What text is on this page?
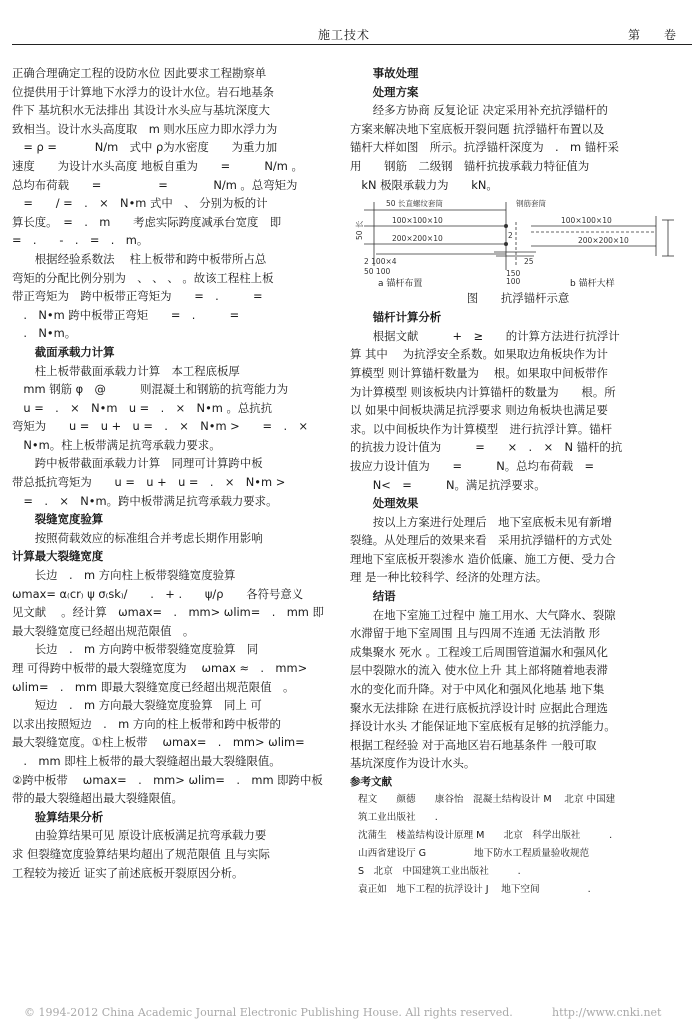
施工技术	第　卷

正确合理确定工程的设防水位 因此要求工程勘察单

位提供用于计算地下水浮力的设计水位。岩石地基条

件下 基坑积水无法排出 其设计水头应与基坑深度大

致相当。设计水头高度取　m 则水压应力即水浮力为

　= ρ =　　　 N/m　式中 ρ为水密度　　为重力加

速度　　为设计水头高度 地板自重为　　=　　　N/m 。

总均布荷载　　=　　　　　=　　　　N/m 。总弯矩为

　=　　/ =　.　×　N•m 式中　、 分别为板的计

算长度。　=　.　m　　考虑实际跨度减承台宽度　即

=　.　　-　.　=　.　m。

　　根据经验系数法　 柱上板带和跨中板带所占总

弯矩的分配比例分别为　、 、 、 。故该工程柱上板

带正弯矩为　跨中板带正弯矩为　　=　.　　　=

　.　N•m 跨中板带正弯矩　　=　.　　　=

　.　N•m。

　　截面承载力计算

　　柱上板带截面承载力计算　本工程底板厚

　mm 钢筋 φ　@　　　则混凝土和钢筋的抗弯能力为

　u =　.　×　N•m　u =　.　×　N•m 。总抗抗

弯矩为　　u =　u +　u =　.　×　N•m >　　=　.　×

　N•m。柱上板带满足抗弯承载力要求。

　　跨中板带截面承载力计算　同理可计算跨中板

带总抵抗弯矩为　　u =　u +　u =　.　×　N•m >

　=　.　×　N•m。跨中板带满足抗弯承载力要求。

　　裂缝宽度验算

　　按照荷载效应的标准组合并考虑长期作用影响

计算最大裂缝宽度

　　长边　.　m 方向柱上板带裂缝宽度验算

ωmax= α₍cr₎ ψ σ₍sk₎/　　.　+ .　　ψ/ρ　　各符号意义

见文献　 。经计算　ωmax=　.　mm> ωlim=　.　mm 即

最大裂缝宽度已经超出规范限值　。

　　长边　.　m 方向跨中板带裂缝宽度验算　同

理 可得跨中板带的最大裂缝宽度为　 ωmax ≈　.　mm>

ωlim=　.　mm 即最大裂缝宽度已经超出规范限值　。

　　短边　.　m 方向最大裂缝宽度验算　同上 可

以求出按照短边　.　m 方向的柱上板带和跨中板带的

最大裂缝宽度。①柱上板带　 ωmax=　.　mm> ωlim=

　.　mm 即柱上板带的最大裂缝超出最大裂缝限值。

②跨中板带　 ωmax=　.　mm> ωlim=　.　mm 即跨中板

带的最大裂缝超出最大裂缝限值。

　　验算结果分析

　　由验算结果可见 原设计底板满足抗弯承载力要

求 但裂缝宽度验算结果均超出了规范限值 且与实际

工程较为接近 证实了前述底板开裂原因分析。

　　事故处理

　　处理方案

　　经多方协商 反复论证 决定采用补充抗浮锚杆的

方案来解决地下室底板开裂问题 抗浮锚杆布置以及

锚杆大样如图　所示。抗浮锚杆深度为　.　m 锚杆采

用　　钢筋　二级钢　锚杆抗拔承载力特征值为

　kN 极限承载力为　　kN。

50 长直螺纹套筒	钢筋套筒
100×100×10
200×200×10
100×100×10
200×200×10
25
150
100
2
2 100×4
50 100
50 长
a 锚杆布置	b 锚杆大样
图　　抗浮锚杆示意

　　锚杆计算分析

　　根据文献　　　+　≥　　的计算方法进行抗浮计

算 其中　 为抗浮安全系数。如果取边角板块作为计

算模型 则计算锚杆数量为　 根。如果取中间板带作

为计算模型 则该板块内计算锚杆的数量为　　根。所

以 如果中间板块满足抗浮要求 则边角板块也满足要

求。以中间板块作为计算模型　进行抗浮计算。锚杆

的抗拔力设计值为　　　=　　×　.　×　N 锚杆的抗

拔应力设计值为　　=　　　N。总均布荷载　=

　　N<　=　　　N。满足抗浮要求。

　　处理效果

　　按以上方案进行处理后　地下室底板未见有新增

裂缝。从处理后的效果来看　采用抗浮锚杆的方式处

理地下室底板开裂渗水 造价低廉、施工方便、受力合

理 是一种比较科学、经济的处理方法。

　　结语

　　在地下室施工过程中 施工用水、大气降水、裂隙

水滞留于地下室周围 且与四周不连通 无法消散 形

成集聚水 死水 。工程竣工后周围管道漏水和强风化

层中裂隙水的流入 使水位上升 其上部将随着地表滞

水的变化而升降。对于中风化和强风化地基 地下集

聚水无法排除 在进行底板抗浮设计时 应据此合理选

择设计水头 才能保证地下室底板有足够的抗浮能力。

根据工程经验 对于高地区岩石地基条件 一般可取

基坑深度作为设计水头。

参考文献

程文　　颜德　　康谷怡　混凝土结构设计 M　 北京 中国建

筑工业出版社　　.

沈蒲生　楼盖结构设计原理 M　　北京　科学出版社　　　.

山西省建设厅 G　　　　　地下防水工程质量验收规范

S　北京　中国建筑工业出版社　　　.

袁正如　地下工程的抗浮设计 J　 地下空间　　　　　.

© 1994-2012 China Academic Journal Electronic Publishing House. All rights reserved.	http://www.cnki.net
